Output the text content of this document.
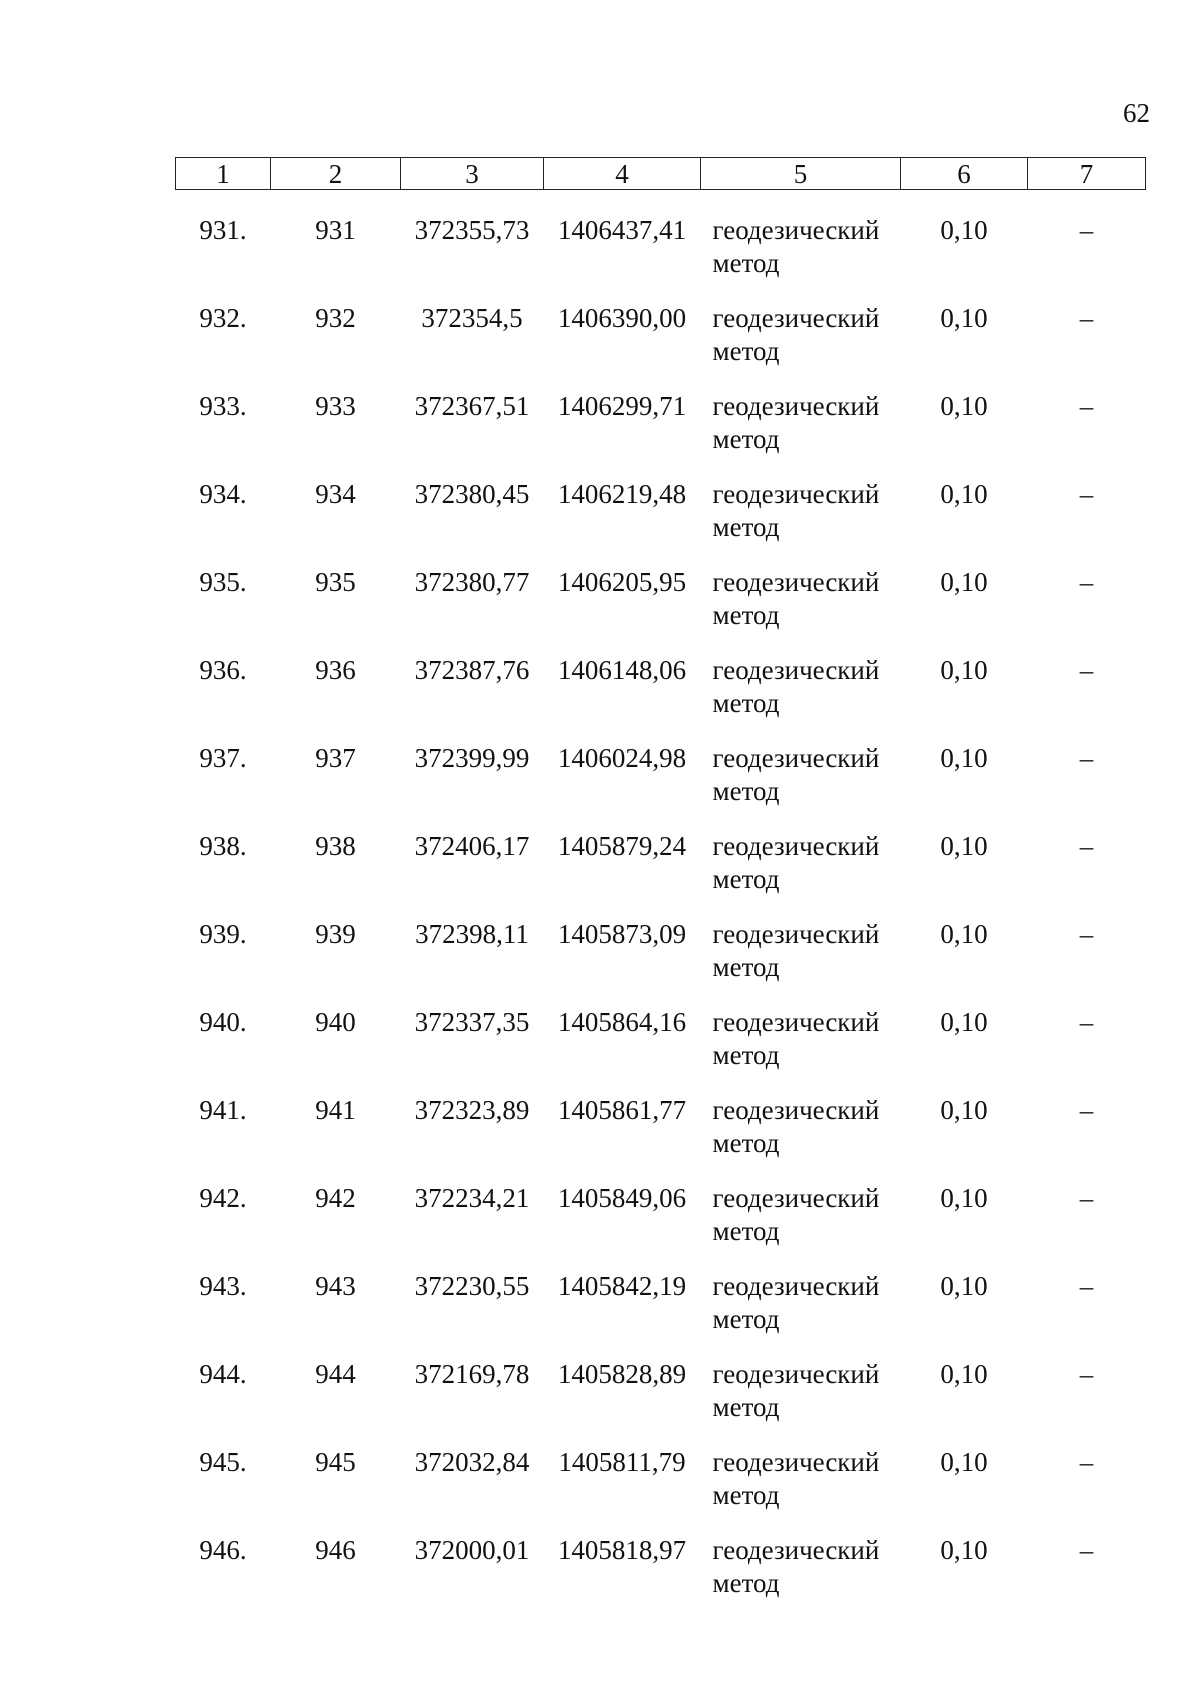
62
1	2	3	4	5	6	7
931.	931	372355,73	1406437,41	геодезический метод	0,10	–
932.	932	372354,5	1406390,00	геодезический метод	0,10	–
933.	933	372367,51	1406299,71	геодезический метод	0,10	–
934.	934	372380,45	1406219,48	геодезический метод	0,10	–
935.	935	372380,77	1406205,95	геодезический метод	0,10	–
936.	936	372387,76	1406148,06	геодезический метод	0,10	–
937.	937	372399,99	1406024,98	геодезический метод	0,10	–
938.	938	372406,17	1405879,24	геодезический метод	0,10	–
939.	939	372398,11	1405873,09	геодезический метод	0,10	–
940.	940	372337,35	1405864,16	геодезический метод	0,10	–
941.	941	372323,89	1405861,77	геодезический метод	0,10	–
942.	942	372234,21	1405849,06	геодезический метод	0,10	–
943.	943	372230,55	1405842,19	геодезический метод	0,10	–
944.	944	372169,78	1405828,89	геодезический метод	0,10	–
945.	945	372032,84	1405811,79	геодезический метод	0,10	–
946.	946	372000,01	1405818,97	геодезический метод	0,10	–
